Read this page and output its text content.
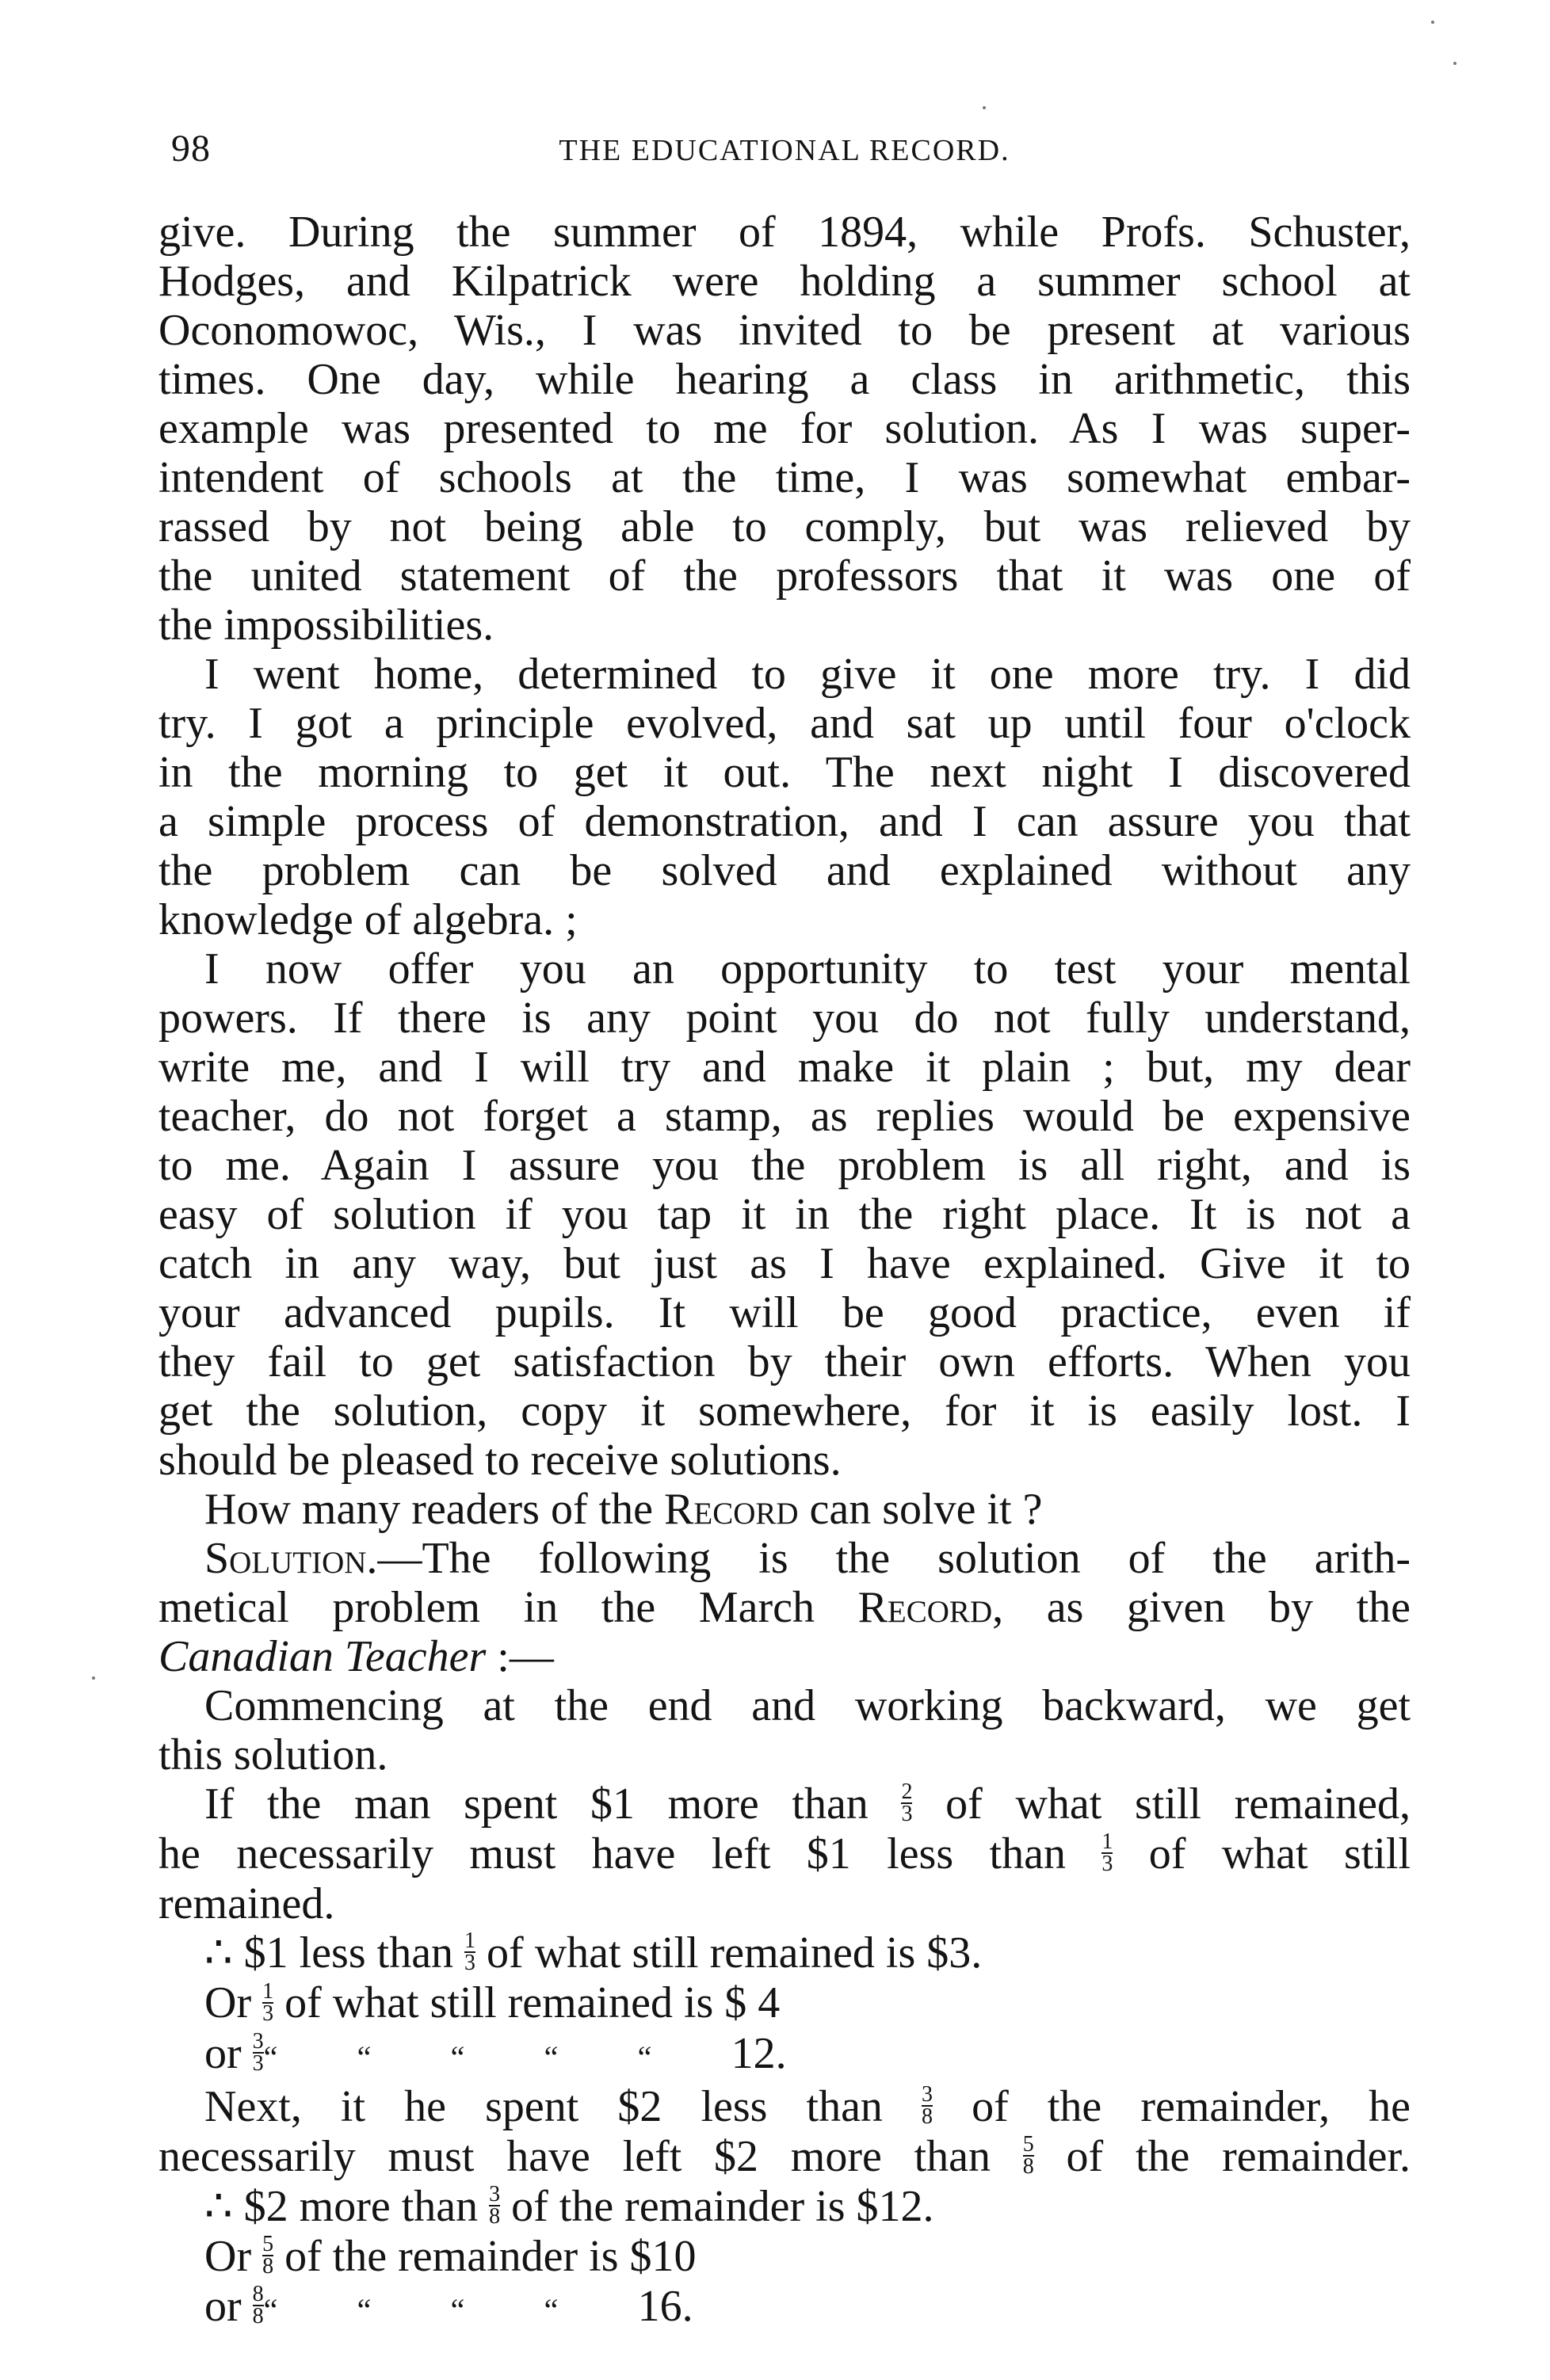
98	THE EDUCATIONAL RECORD.
give. During the summer of 1894, while Profs. Schuster,
Hodges, and Kilpatrick were holding a summer school at
Oconomowoc, Wis., I was invited to be present at various
times. One day, while hearing a class in arithmetic, this
example was presented to me for solution. As I was super-
intendent of schools at the time, I was somewhat embar-
rassed by not being able to comply, but was relieved by
the united statement of the professors that it was one of
the impossibilities.
I went home, determined to give it one more try. I did
try. I got a principle evolved, and sat up until four o'clock
in the morning to get it out. The next night I discovered
a simple process of demonstration, and I can assure you that
the problem can be solved and explained without any
knowledge of algebra. ;
I now offer you an opportunity to test your mental
powers. If there is any point you do not fully understand,
write me, and I will try and make it plain ; but, my dear
teacher, do not forget a stamp, as replies would be expensive
to me. Again I assure you the problem is all right, and is
easy of solution if you tap it in the right place. It is not a
catch in any way, but just as I have explained. Give it to
your advanced pupils. It will be good practice, even if
they fail to get satisfaction by their own efforts. When you
get the solution, copy it somewhere, for it is easily lost. I
should be pleased to receive solutions.
How many readers of the Record can solve it ?
Solution.—The following is the solution of the arith-
metical problem in the March Record, as given by the
Canadian Teacher :—
Commencing at the end and working backward, we get
this solution.
If the man spent $1 more than $\frac{2}{3}$ of what still remained,
he necessarily must have left $1 less than $\frac{1}{3}$ of what still
remained.
∴ $1 less than $\frac{1}{3}$ of what still remained is $3.
Or $\frac{1}{3}$ of what still remained is $ 4
or $\frac{3}{3}$ “	“	“	“	“ 12.
Next, it he spent $2 less than $\frac{3}{8}$ of the remainder, he
necessarily must have left $2 more than $\frac{5}{8}$ of the remainder.
∴ $2 more than $\frac{3}{8}$ of the remainder is $12.
Or $\frac{5}{8}$ of the remainder is $10
or $\frac{8}{8}$ “	“	“	“ 16.
